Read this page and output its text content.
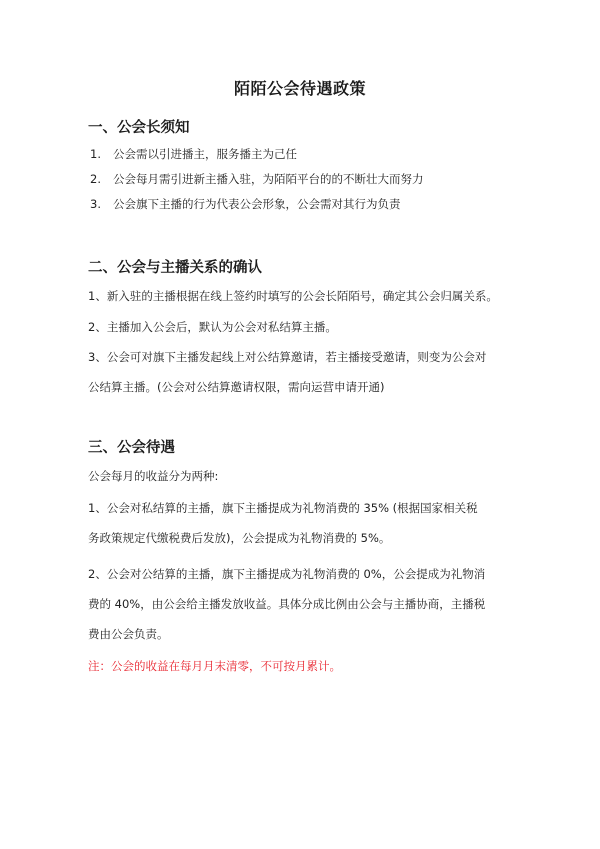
陌陌公会待遇政策
一、公会长须知
1. 公会需以引进播主，服务播主为己任
2. 公会每月需引进新主播入驻，为陌陌平台的的不断壮大而努力
3. 公会旗下主播的行为代表公会形象，公会需对其行为负责
二、公会与主播关系的确认
1、新入驻的主播根据在线上签约时填写的公会长陌陌号，确定其公会归属关系。
2、主播加入公会后，默认为公会对私结算主播。
3、公会可对旗下主播发起线上对公结算邀请，若主播接受邀请，则变为公会对
公结算主播。(公会对公结算邀请权限，需向运营申请开通)
三、公会待遇
公会每月的收益分为两种:
1、公会对私结算的主播，旗下主播提成为礼物消费的 35% (根据国家相关税
务政策规定代缴税费后发放)，公会提成为礼物消费的 5%。
2、公会对公结算的主播，旗下主播提成为礼物消费的 0%，公会提成为礼物消
费的 40%，由公会给主播发放收益。具体分成比例由公会与主播协商，主播税
费由公会负责。
注：公会的收益在每月月末清零，不可按月累计。
